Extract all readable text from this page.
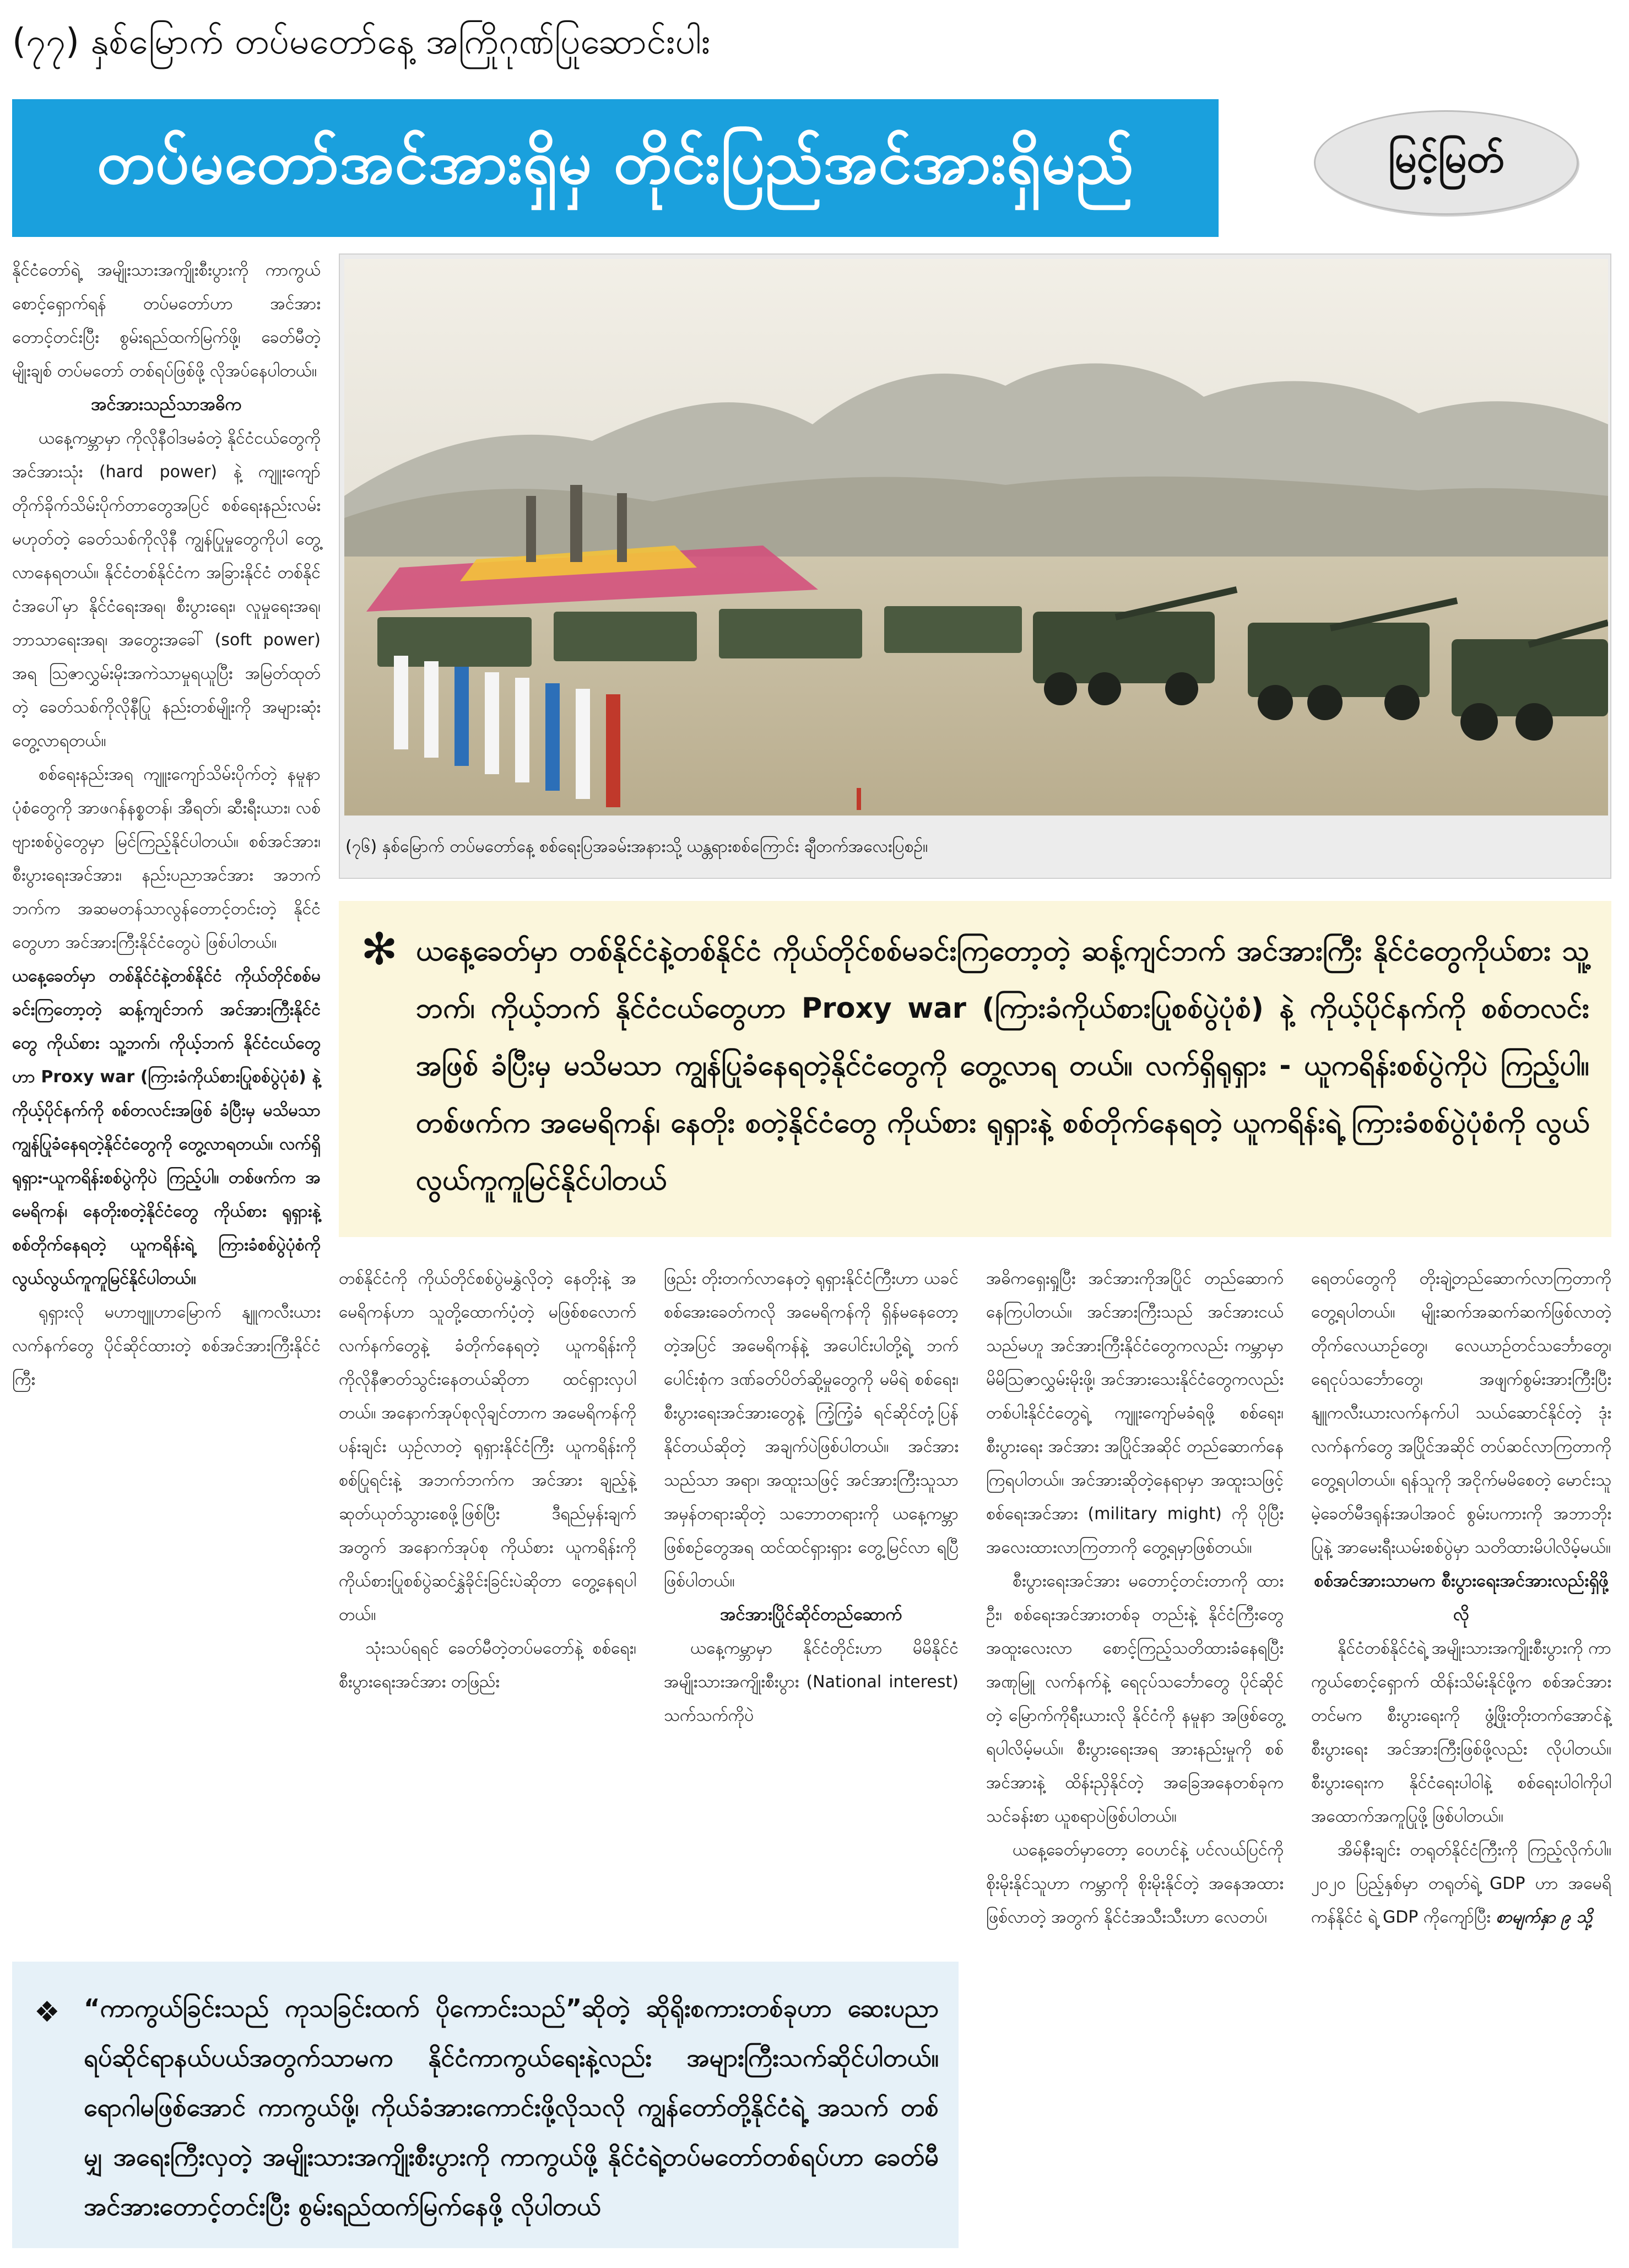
(၇၇) နှစ်မြောက် တပ်မတော်နေ့ အကြိုဂုဏ်ပြုဆောင်းပါး
တပ်မတော်အင်အားရှိမှ တိုင်းပြည်အင်အားရှိမည်	မြင့်မြတ်

နိုင်ငံတော်ရဲ့ အမျိုးသားအကျိုးစီးပွားကို ကာကွယ်စောင့်ရှောက်ရန် တပ်မတော်ဟာ အင်အားတောင့်တင်းပြီး စွမ်းရည်ထက်မြက်ဖို့၊ ခေတ်မီတဲ့ မျိုးချစ် တပ်မတော် တစ်ရပ်ဖြစ်ဖို့ လိုအပ်နေပါတယ်။

အင်အားသည်သာအဓိက

ယနေ့ကမ္ဘာမှာ ကိုလိုနီဝါဒမခံတဲ့ နိုင်ငံငယ်တွေကို အင်အားသုံး (hard power) နဲ့ ကျူးကျော်တိုက်ခိုက်သိမ်းပိုက်တာတွေအပြင် စစ်ရေးနည်းလမ်း မဟုတ်တဲ့ ခေတ်သစ်ကိုလိုနီ ကျွန်ပြုမှုတွေကိုပါ တွေ့လာနေရတယ်။ နိုင်ငံတစ်နိုင်ငံက အခြားနိုင်ငံ တစ်နိုင်ငံအပေါ်မှာ နိုင်ငံရေးအရ၊ စီးပွားရေး၊ လူမှုရေးအရ၊ ဘာသာရေးအရ၊ အတွေးအခေါ် (soft power) အရ ဩဇာလွှမ်းမိုးအကဲသာမှုရယူပြီး အမြတ်ထုတ်တဲ့ ခေတ်သစ်ကိုလိုနီပြု နည်းတစ်မျိုးကို အများဆုံးတွေ့လာရတယ်။

စစ်ရေးနည်းအရ ကျူးကျော်သိမ်းပိုက်တဲ့ နမူနာပုံစံတွေကို အာဖဂန်နစ္စတန်၊ အီရတ်၊ ဆီးရီးယား၊ လစ်ဗျားစစ်ပွဲတွေမှာ မြင်ကြည့်နိုင်ပါတယ်။ စစ်အင်အား၊ စီးပွားရေးအင်အား၊ နည်းပညာအင်အား အဘက်ဘက်က အဆမတန်သာလွန်တောင့်တင်းတဲ့ နိုင်ငံတွေဟာ အင်အားကြီးနိုင်ငံတွေပဲ ဖြစ်ပါတယ်။

ယနေ့ခေတ်မှာ တစ်နိုင်ငံနဲ့တစ်နိုင်ငံ ကိုယ်တိုင်စစ်မခင်းကြတော့တဲ့ ဆန့်ကျင်ဘက် အင်အားကြီးနိုင်ငံတွေ ကိုယ်စား သူ့ဘက်၊ ကိုယ့်ဘက် နိုင်ငံငယ်တွေဟာ Proxy war (ကြားခံကိုယ်စားပြုစစ်ပွဲပုံစံ) နဲ့ ကိုယ့်ပိုင်နက်ကို စစ်တလင်းအဖြစ် ခံပြီးမှ မသိမသာ ကျွန်ပြုခံနေရတဲ့နိုင်ငံတွေကို တွေ့လာရတယ်။ လက်ရှိရုရှား-ယူကရိန်းစစ်ပွဲကိုပဲ ကြည့်ပါ။ တစ်ဖက်က အမေရိကန်၊ နေတိုးစတဲ့နိုင်ငံတွေ ကိုယ်စား ရုရှားနဲ့ စစ်တိုက်နေရတဲ့ ယူကရိန်းရဲ့ ကြားခံစစ်ပွဲပုံစံကို လွယ်လွယ်ကူကူမြင်နိုင်ပါတယ်။

ရုရှားလို မဟာဗျူဟာမြောက် နျူကလီးယားလက်နက်တွေ ပိုင်ဆိုင်ထားတဲ့ စစ်အင်အားကြီးနိုင်ငံကြီး

(၇၆) နှစ်မြောက် တပ်မတော်နေ့ စစ်ရေးပြအခမ်းအနားသို့ ယန္တရားစစ်ကြောင်း ချီတက်အလေးပြစဉ်။
✻ ယနေ့ခေတ်မှာ တစ်နိုင်ငံနဲ့တစ်နိုင်ငံ ကိုယ်တိုင်စစ်မခင်းကြတော့တဲ့ ဆန့်ကျင်ဘက် အင်အားကြီး နိုင်ငံတွေကိုယ်စား သူ့ဘက်၊ ကိုယ့်ဘက် နိုင်ငံငယ်တွေဟာ Proxy war (ကြားခံကိုယ်စားပြုစစ်ပွဲပုံစံ) နဲ့ ကိုယ့်ပိုင်နက်ကို စစ်တလင်းအဖြစ် ခံပြီးမှ မသိမသာ ကျွန်ပြုခံနေရတဲ့နိုင်ငံတွေကို တွေ့လာရ တယ်။ လက်ရှိရုရှား - ယူကရိန်းစစ်ပွဲကိုပဲ ကြည့်ပါ။ တစ်ဖက်က အမေရိကန်၊ နေတိုး စတဲ့နိုင်ငံတွေ ကိုယ်စား ရုရှားနဲ့ စစ်တိုက်နေရတဲ့ ယူကရိန်းရဲ့ ကြားခံစစ်ပွဲပုံစံကို လွယ်လွယ်ကူကူမြင်နိုင်ပါတယ်

တစ်နိုင်ငံကို ကိုယ်တိုင်စစ်ပွဲမနွှဲလိုတဲ့ နေတိုးနဲ့ အမေရိကန်ဟာ သူတို့ထောက်ပံ့တဲ့ မဖြစ်စလောက် လက်နက်တွေနဲ့ ခံတိုက်နေရတဲ့ ယူကရိန်းကို ကိုလိုနီဇာတ်သွင်းနေတယ်ဆိုတာ ထင်ရှားလှပါတယ်။ အနောက်အုပ်စုလိုချင်တာက အမေရိကန်ကို ပန်းချင်း ယှဉ်လာတဲ့ ရုရှားနိုင်ငံကြီး ယူကရိန်းကို စစ်ပြုရင်းနဲ့ အဘက်ဘက်က အင်အား ချည့်နဲ့ ဆုတ်ယုတ်သွားစေဖို့ဖြစ်ပြီး ဒီရည်မှန်းချက်အတွက် အနောက်အုပ်စု ကိုယ်စား ယူကရိန်းကို ကိုယ်စားပြုစစ်ပွဲဆင်နွှဲခိုင်းခြင်းပဲဆိုတာ တွေ့နေရပါတယ်။

သုံးသပ်ရရင် ခေတ်မီတဲ့တပ်မတော်နဲ့ စစ်ရေး၊ စီးပွားရေးအင်အား တဖြည်း

ဖြည်း တိုးတက်လာနေတဲ့ ရုရှားနိုင်ငံကြီးဟာ ယခင်စစ်အေးခေတ်ကလို အမေရိကန်ကို ရှိန်မနေတော့တဲ့အပြင် အမေရိကန်နဲ့ အပေါင်းပါတို့ရဲ့ ဘက်ပေါင်းစုံက ဒဏ်ခတ်ပိတ်ဆို့မှုတွေကို မမိရဲ စစ်ရေး၊ စီးပွားရေးအင်အားတွေနဲ့ ကြံ့ကြံ့ခံ ရင်ဆိုင်တုံ့ပြန်နိုင်တယ်ဆိုတဲ့ အချက်ပဲဖြစ်ပါတယ်။ အင်အားသည်သာ အရာ၊ အထူးသဖြင့် အင်အားကြီးသူသာ အမှန်တရားဆိုတဲ့ သဘောတရားကို ယနေ့ကမ္ဘာဖြစ်စဉ်တွေအရ ထင်ထင်ရှားရှား တွေ့မြင်လာ ရပြီဖြစ်ပါတယ်။

အင်အားပြိုင်ဆိုင်တည်ဆောက်

ယနေ့ကမ္ဘာမှာ နိုင်ငံတိုင်းဟာ မိမိနိုင်ငံ အမျိုးသားအကျိုးစီးပွား (National interest) သက်သက်ကိုပဲ

အဓိကရှေးရှုပြီး အင်အားကိုအပြိုင် တည်ဆောက်နေကြပါတယ်။ အင်အားကြီးသည် အင်အားငယ်သည်မဟူ အင်အားကြီးနိုင်ငံတွေကလည်း ကမ္ဘာမှာ မိမိဩဇာလွှမ်းမိုးဖို့၊ အင်အားသေးနိုင်ငံတွေကလည်း တစ်ပါးနိုင်ငံတွေရဲ့ ကျူးကျော်မခံရဖို့ စစ်ရေး၊ စီးပွားရေး အင်အား အပြိုင်အဆိုင် တည်ဆောက်နေကြရပါတယ်။ အင်အားဆိုတဲ့နေရာမှာ အထူးသဖြင့် စစ်ရေးအင်အား (military might) ကို ပိုပြီးအလေးထားလာကြတာကို တွေ့ရမှာဖြစ်တယ်။

စီးပွားရေးအင်အား မတောင့်တင်းတာကို ထားဦး၊ စစ်ရေးအင်အားတစ်ခု တည်းနဲ့ နိုင်ငံကြီးတွေ အထူးလေးလာ စောင့်ကြည့်သတိထားခံနေရပြီး အဏုမြူ လက်နက်နဲ့ ရေငုပ်သင်္ဘောတွေ ပိုင်ဆိုင်တဲ့ မြောက်ကိုရီးယားလို နိုင်ငံကို နမူနာ အဖြစ်တွေ့ရပါလိမ့်မယ်။ စီးပွားရေးအရ အားနည်းမှုကို စစ်အင်အားနဲ့ ထိန်းညှိနိုင်တဲ့ အခြေအနေတစ်ခုက သင်ခန်းစာ ယူစရာပဲဖြစ်ပါတယ်။

ယနေ့ခေတ်မှာတော့ ဝေဟင်နဲ့ ပင်လယ်ပြင်ကို စိုးမိုးနိုင်သူဟာ ကမ္ဘာကို စိုးမိုးနိုင်တဲ့ အနေအထားဖြစ်လာတဲ့ အတွက် နိုင်ငံအသီးသီးဟာ လေတပ်၊

ရေတပ်တွေကို တိုးချဲ့တည်ဆောက်လာကြတာကို တွေ့ရပါတယ်။ မျိုးဆက်အဆက်ဆက်ဖြစ်လာတဲ့ တိုက်လေယာဉ်တွေ၊ လေယာဉ်တင်သင်္ဘောတွေ၊ ရေငုပ်သင်္ဘောတွေ၊ အဖျက်စွမ်းအားကြီးပြီး နျူကလီးယားလက်နက်ပါ သယ်ဆောင်နိုင်တဲ့ ဒုံးလက်နက်တွေ အပြိုင်အဆိုင် တပ်ဆင်လာကြတာကို တွေ့ရပါတယ်။ ရန်သူကို အငိုက်မမိစေတဲ့ မောင်းသူမဲ့ခေတ်မီဒရုန်းအပါအဝင် စွမ်းပကားကို အဘာဘိုးပြုနဲ့ အာမေးရီးယမ်းစစ်ပွဲမှာ သတိထားမိပါလိမ့်မယ်။

စစ်အင်အားသာမက စီးပွားရေးအင်အားလည်းရှိဖို့လို

နိုင်ငံတစ်နိုင်ငံရဲ့ အမျိုးသားအကျိုးစီးပွားကို ကာကွယ်စောင့်ရှောက် ထိန်းသိမ်းနိုင်ဖို့က စစ်အင်အားတင်မက စီးပွားရေးကို ဖွံ့ဖြိုးတိုးတက်အောင်နဲ့ စီးပွားရေး အင်အားကြီးဖြစ်ဖို့လည်း လိုပါတယ်။ စီးပွားရေးက နိုင်ငံရေးပါဝါနဲ့ စစ်ရေးပါဝါကိုပါ အထောက်အကူပြုဖို့ ဖြစ်ပါတယ်။

အိမ်နီးချင်း တရုတ်နိုင်ငံကြီးကို ကြည့်လိုက်ပါ။ ၂၀၂၀ ပြည့်နှစ်မှာ တရုတ်ရဲ့ GDP ဟာ အမေရိကန်နိုင်ငံ ရဲ့ GDP ကိုကျော်ပြီး စာမျက်နှာ ၉ သို့

❖ “ကာကွယ်ခြင်းသည် ကုသခြင်းထက် ပိုကောင်းသည်”ဆိုတဲ့ ဆိုရိုးစကားတစ်ခုဟာ ဆေးပညာ ရပ်ဆိုင်ရာနယ်ပယ်အတွက်သာမက နိုင်ငံကာကွယ်ရေးနဲ့လည်း အများကြီးသက်ဆိုင်ပါတယ်။ ရောဂါမဖြစ်အောင် ကာကွယ်ဖို့၊ ကိုယ်ခံအားကောင်းဖို့လိုသလို ကျွန်တော်တို့နိုင်ငံရဲ့ အသက် တစ်မျှ အရေးကြီးလှတဲ့ အမျိုးသားအကျိုးစီးပွားကို ကာကွယ်ဖို့ နိုင်ငံရဲ့တပ်မတော်တစ်ရပ်ဟာ ခေတ်မီအင်အားတောင့်တင်းပြီး စွမ်းရည်ထက်မြက်နေဖို့ လိုပါတယ်
